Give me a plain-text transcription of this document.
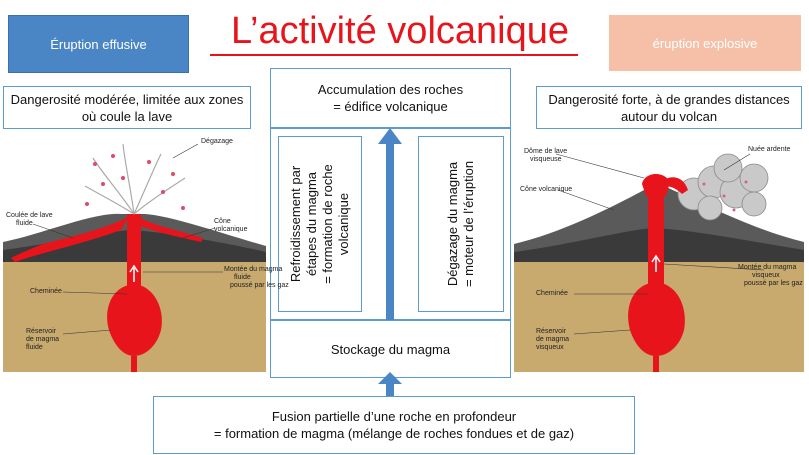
L’activité volcanique
Éruption effusive	éruption explosive
Dangerosité modérée, limitée aux zones où coule la lave
Dangerosité forte, à de grandes distances autour du volcan
Accumulation des roches
= édifice volcanique
Refroidissement par étapes du magma = formation de roche volcanique	Dégazage du magma = moteur de l’éruption
Stockage du magma
Fusion partielle d’une roche en profondeur
= formation de magma (mélange de roches fondues et de gaz)
Dégazage
Coulée de lave
fluide	Cône
volcanique
Montée du magma
fluide
poussé par les gaz
Cheminée
Réservoir
de magma
fluide
Dôme de lave
visqueuse
Nuée ardente
Cône volcanique
Montée du magma
visqueux
poussé par les gaz
Cheminée
Réservoir
de magma
visqueux
